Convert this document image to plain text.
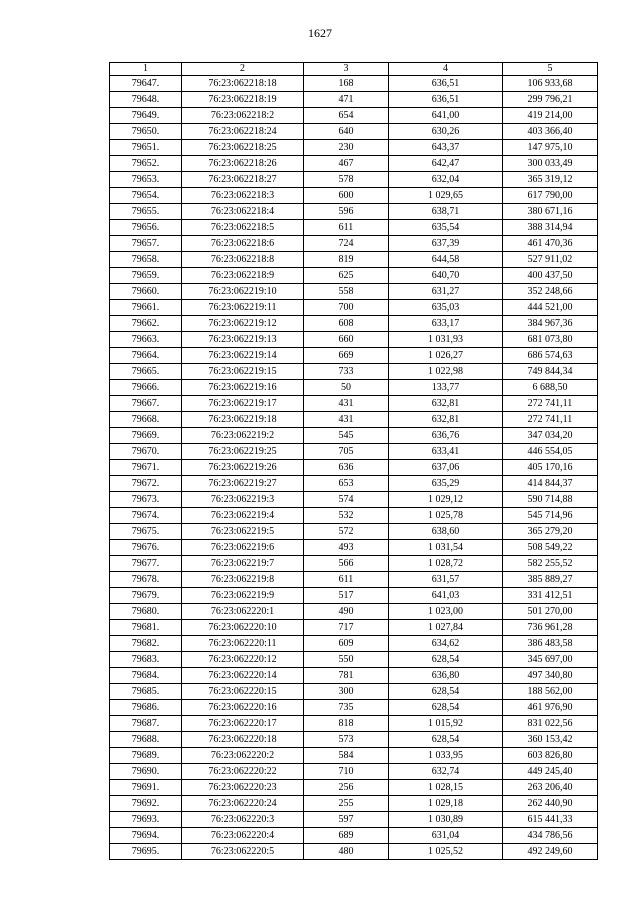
1627
1	2	3	4	5
79647.	76:23:062218:18	168	636,51	106 933,68
79648.	76:23:062218:19	471	636,51	299 796,21
79649.	76:23:062218:2	654	641,00	419 214,00
79650.	76:23:062218:24	640	630,26	403 366,40
79651.	76:23:062218:25	230	643,37	147 975,10
79652.	76:23:062218:26	467	642,47	300 033,49
79653.	76:23:062218:27	578	632,04	365 319,12
79654.	76:23:062218:3	600	1 029,65	617 790,00
79655.	76:23:062218:4	596	638,71	380 671,16
79656.	76:23:062218:5	611	635,54	388 314,94
79657.	76:23:062218:6	724	637,39	461 470,36
79658.	76:23:062218:8	819	644,58	527 911,02
79659.	76:23:062218:9	625	640,70	400 437,50
79660.	76:23:062219:10	558	631,27	352 248,66
79661.	76:23:062219:11	700	635,03	444 521,00
79662.	76:23:062219:12	608	633,17	384 967,36
79663.	76:23:062219:13	660	1 031,93	681 073,80
79664.	76:23:062219:14	669	1 026,27	686 574,63
79665.	76:23:062219:15	733	1 022,98	749 844,34
79666.	76:23:062219:16	50	133,77	6 688,50
79667.	76:23:062219:17	431	632,81	272 741,11
79668.	76:23:062219:18	431	632,81	272 741,11
79669.	76:23:062219:2	545	636,76	347 034,20
79670.	76:23:062219:25	705	633,41	446 554,05
79671.	76:23:062219:26	636	637,06	405 170,16
79672.	76:23:062219:27	653	635,29	414 844,37
79673.	76:23:062219:3	574	1 029,12	590 714,88
79674.	76:23:062219:4	532	1 025,78	545 714,96
79675.	76:23:062219:5	572	638,60	365 279,20
79676.	76:23:062219:6	493	1 031,54	508 549,22
79677.	76:23:062219:7	566	1 028,72	582 255,52
79678.	76:23:062219:8	611	631,57	385 889,27
79679.	76:23:062219:9	517	641,03	331 412,51
79680.	76:23:062220:1	490	1 023,00	501 270,00
79681.	76:23:062220:10	717	1 027,84	736 961,28
79682.	76:23:062220:11	609	634,62	386 483,58
79683.	76:23:062220:12	550	628,54	345 697,00
79684.	76:23:062220:14	781	636,80	497 340,80
79685.	76:23:062220:15	300	628,54	188 562,00
79686.	76:23:062220:16	735	628,54	461 976,90
79687.	76:23:062220:17	818	1 015,92	831 022,56
79688.	76:23:062220:18	573	628,54	360 153,42
79689.	76:23:062220:2	584	1 033,95	603 826,80
79690.	76:23:062220:22	710	632,74	449 245,40
79691.	76:23:062220:23	256	1 028,15	263 206,40
79692.	76:23:062220:24	255	1 029,18	262 440,90
79693.	76:23:062220:3	597	1 030,89	615 441,33
79694.	76:23:062220:4	689	631,04	434 786,56
79695.	76:23:062220:5	480	1 025,52	492 249,60
